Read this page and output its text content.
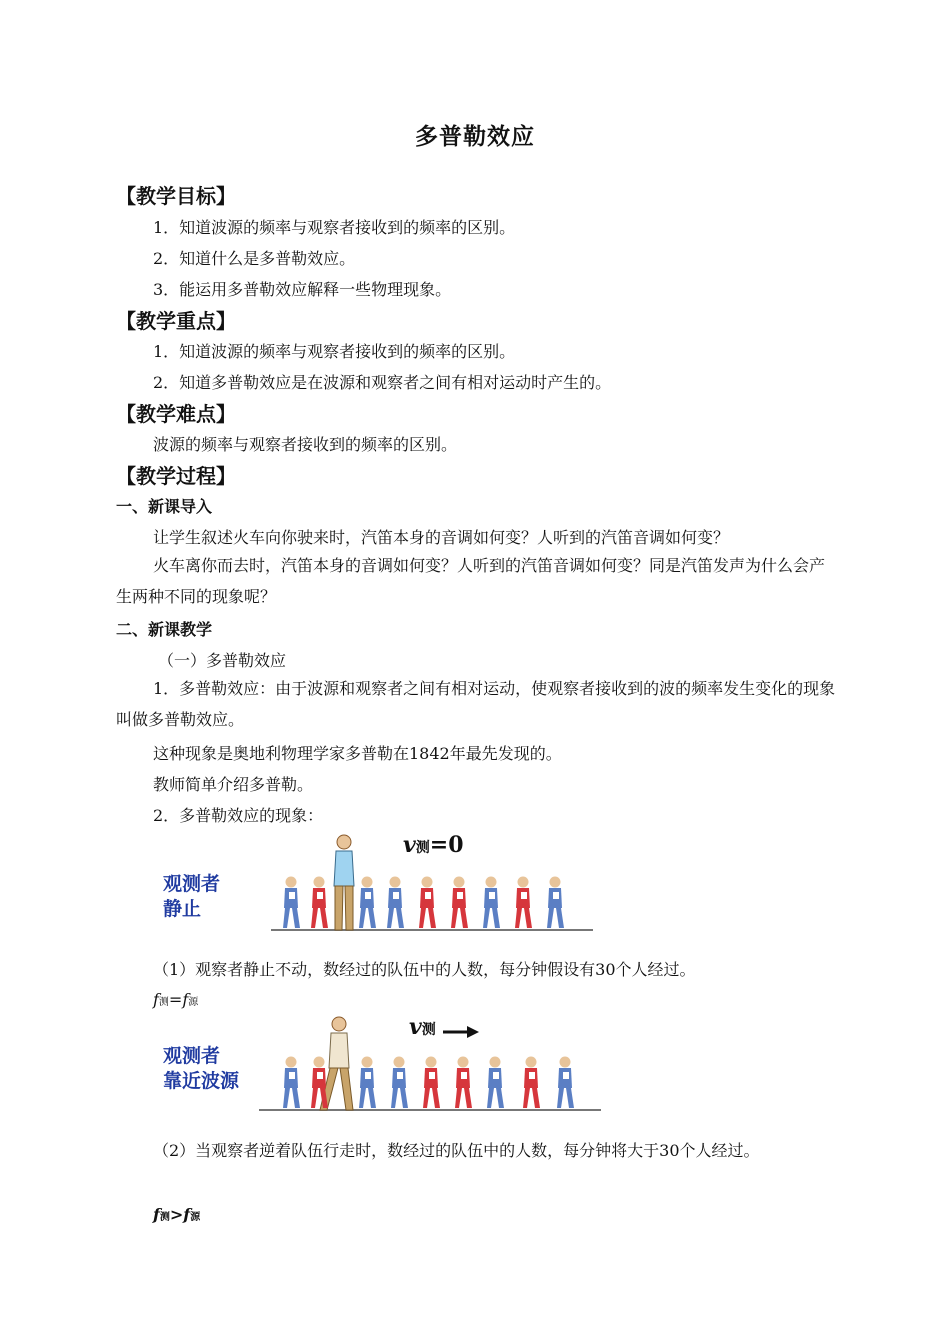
多普勒效应
【教学目标】
1．知道波源的频率与观察者接收到的频率的区别。
2．知道什么是多普勒效应。
3．能运用多普勒效应解释一些物理现象。
【教学重点】
1．知道波源的频率与观察者接收到的频率的区别。
2．知道多普勒效应是在波源和观察者之间有相对运动时产生的。
【教学难点】
波源的频率与观察者接收到的频率的区别。
【教学过程】
一、新课导入
让学生叙述火车向你驶来时，汽笛本身的音调如何变？人听到的汽笛音调如何变？
火车离你而去时，汽笛本身的音调如何变？人听到的汽笛音调如何变？同是汽笛发声为什么会产生两种不同的现象呢？
二、新课教学
（一）多普勒效应
1．多普勒效应：由于波源和观察者之间有相对运动，使观察者接收到的波的频率发生变化的现象叫做多普勒效应。
这种现象是奥地利物理学家多普勒在1842年最先发现的。
教师简单介绍多普勒。
2．多普勒效应的现象：
观测者
静止
v测=0
（1）观察者静止不动，数经过的队伍中的人数，每分钟假设有30个人经过。
f测=f源
观测者
靠近波源
v测
（2）当观察者逆着队伍行走时，数经过的队伍中的人数，每分钟将大于30个人经过。
f测>f源
